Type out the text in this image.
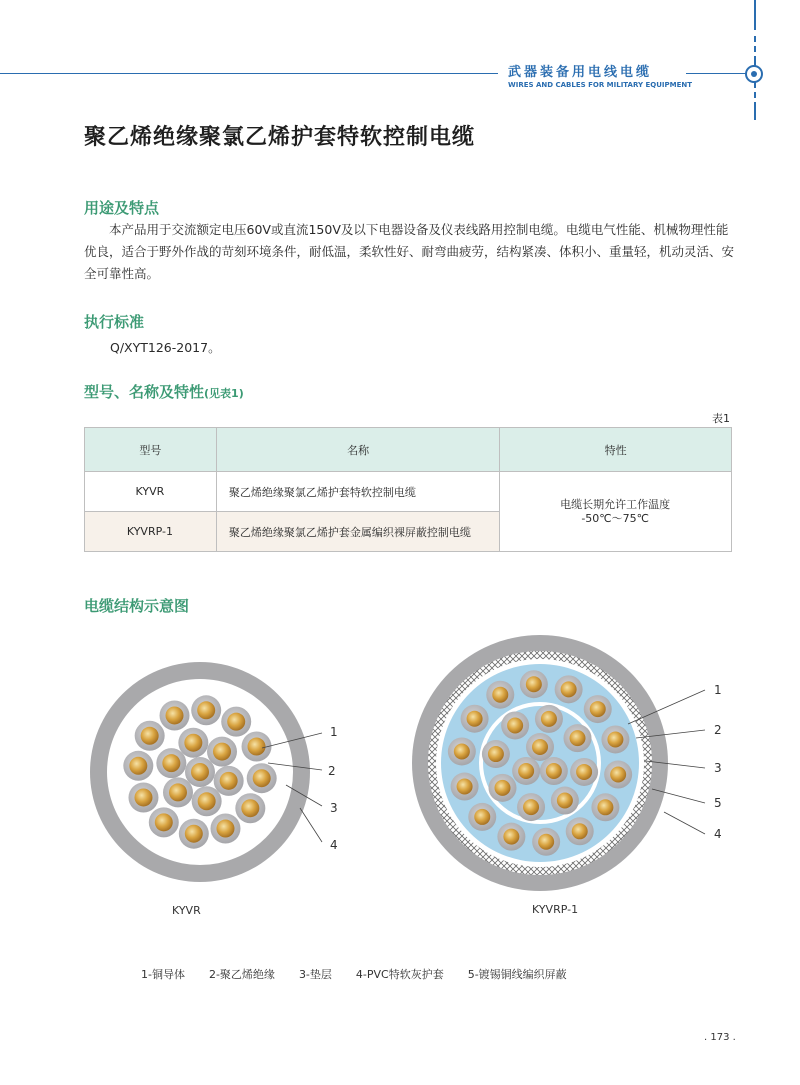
武器装备用电线电缆
WIRES AND CABLES FOR MILITARY EQUIPMENT
聚乙烯绝缘聚氯乙烯护套特软控制电缆
用途及特点
本产品用于交流额定电压60V或直流150V及以下电器设备及仪表线路用控制电缆。电缆电气性能、机械物理性能优良，适合于野外作战的苛刻环境条件，耐低温，柔软性好、耐弯曲疲劳，结构紧凑、体积小、重量轻，机动灵活、安全可靠性高。
执行标准
Q/XYT126-2017。
型号、名称及特性(见表1)
表1
型号	名称	特性
KYVR	聚乙烯绝缘聚氯乙烯护套特软控制电缆	电缆长期允许工作温度
-50℃～75℃

KYVRP-1	聚乙烯绝缘聚氯乙烯护套金属编织裸屏蔽控制电缆	
电缆结构示意图
1
2
3
4
1
2
3
5
4
KYVR	KYVRP-1
1-铜导体 2-聚乙烯绝缘 3-垫层 4-PVC特软灰护套 5-镀锡铜线编织屏蔽
. 173 .
